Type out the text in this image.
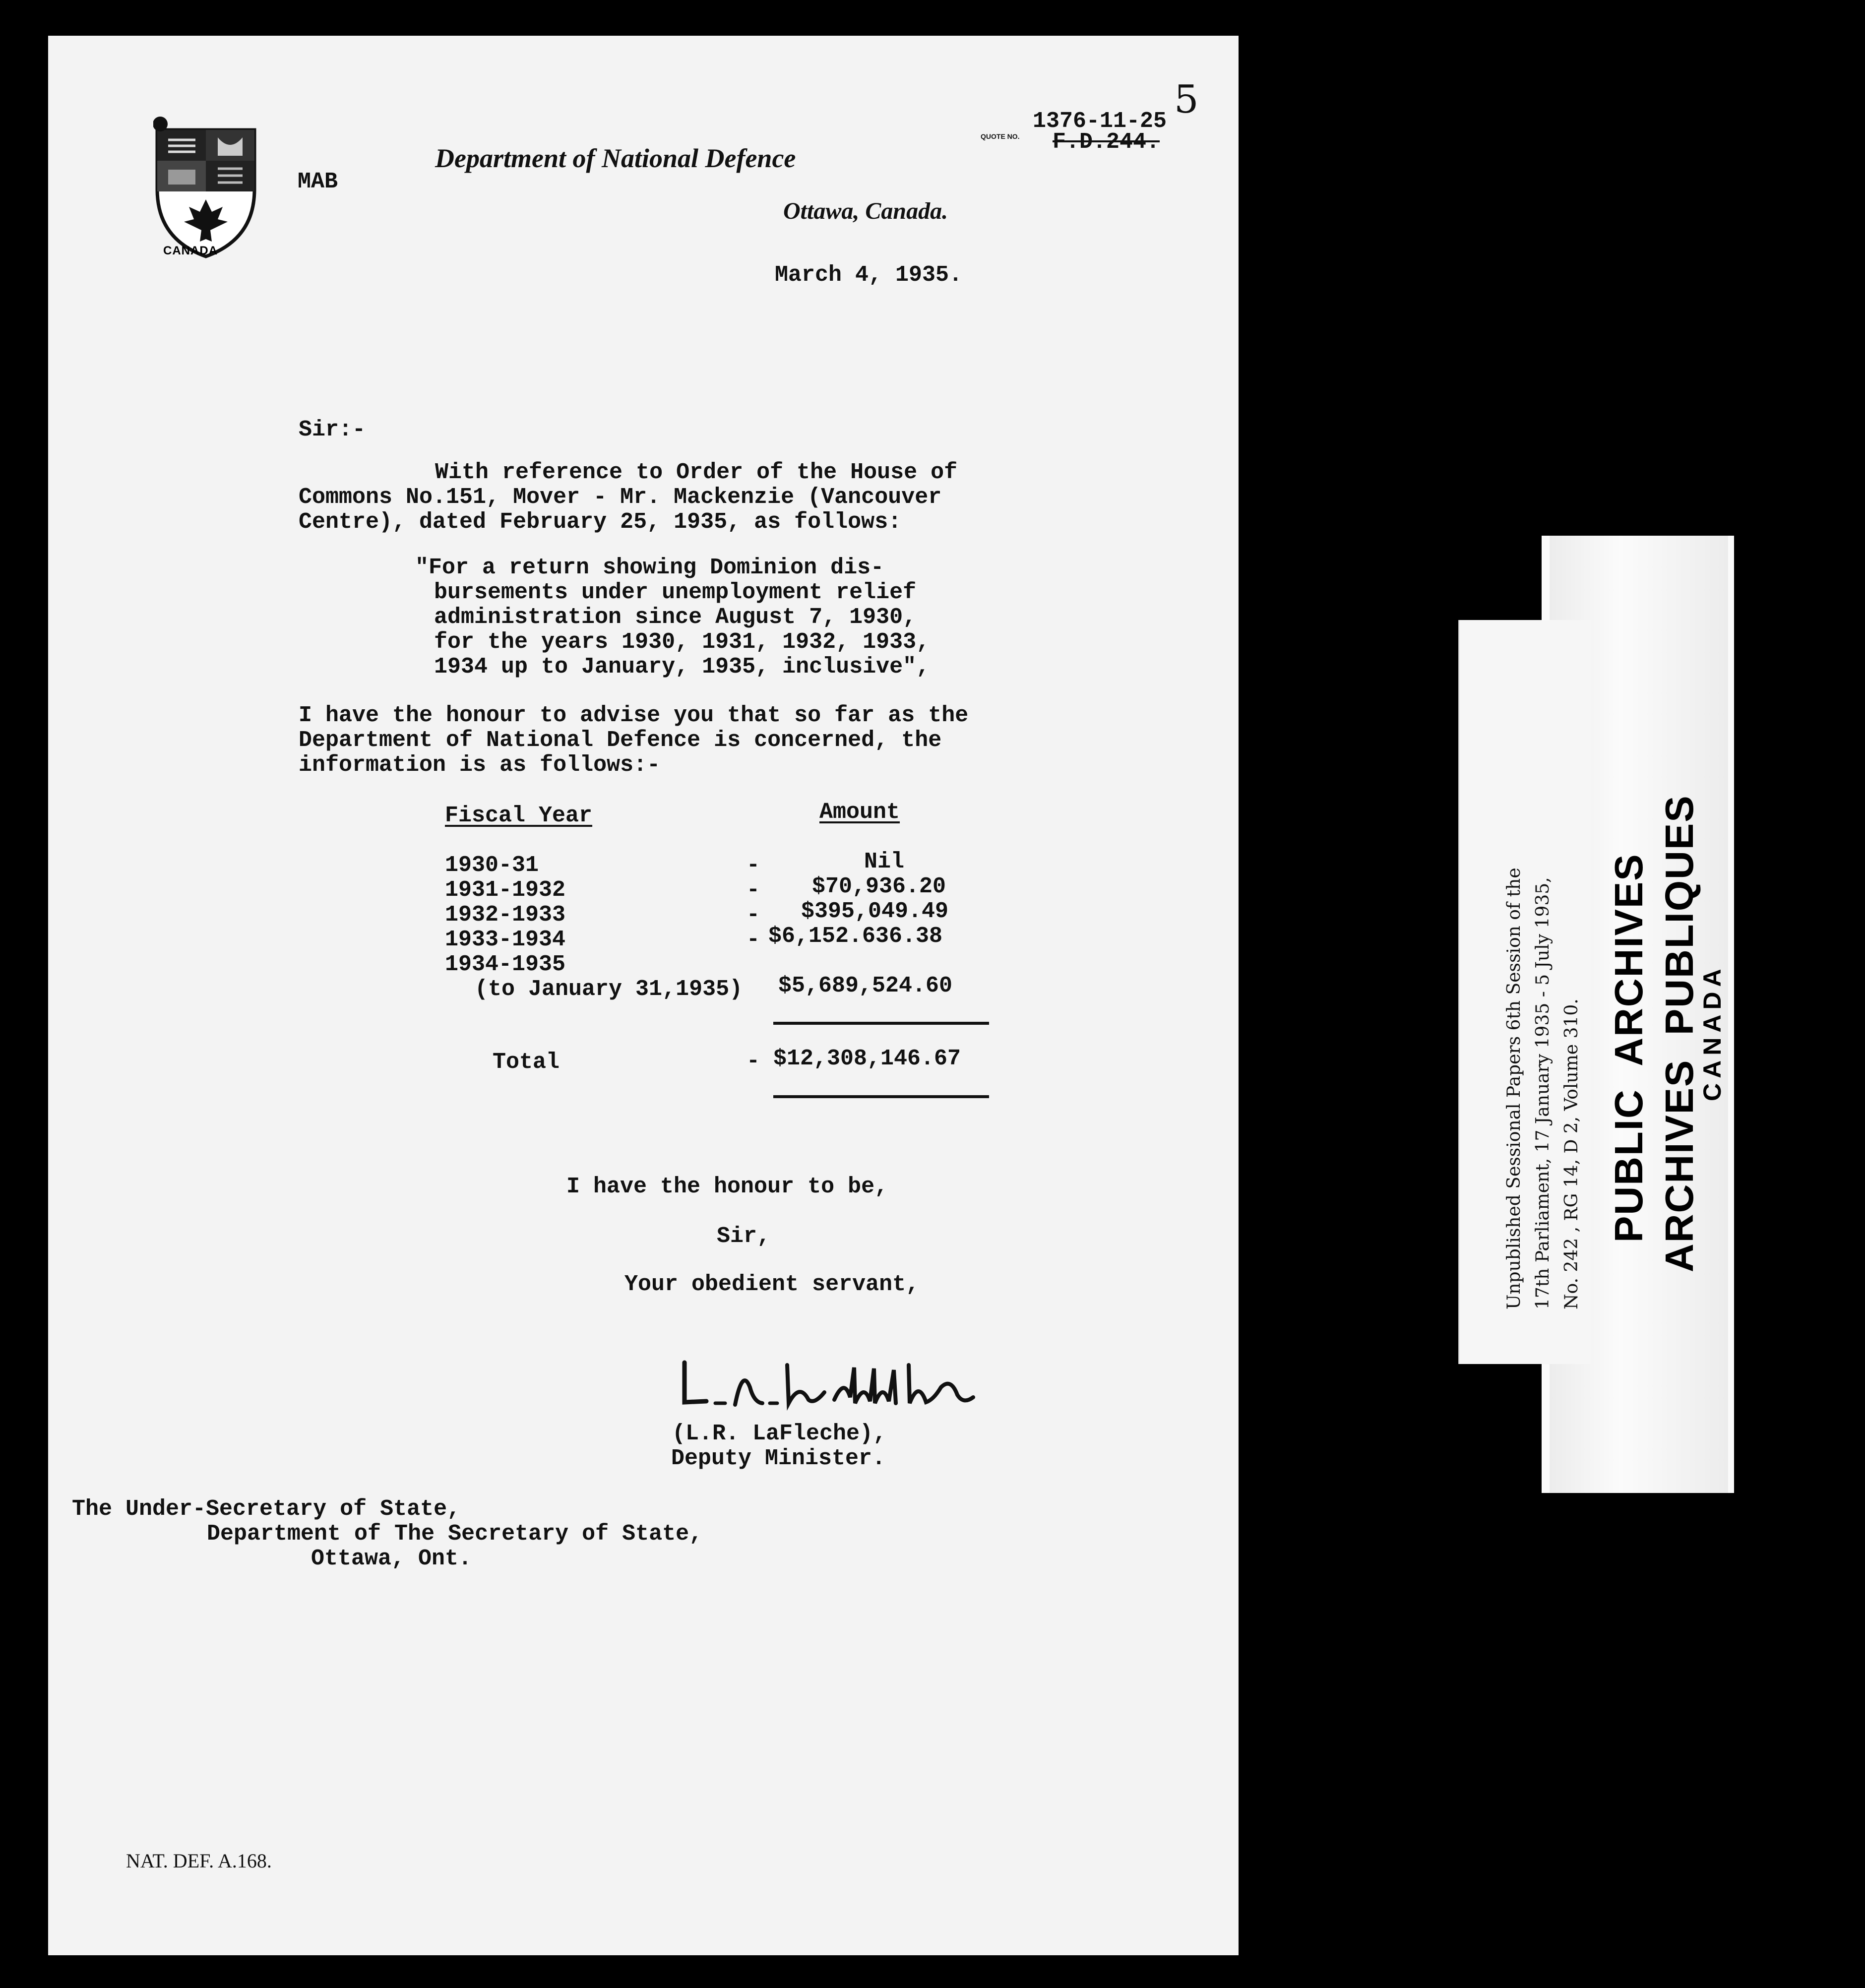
CANADA
Department of National Defence
MAB
Ottawa, Canada.
March 4, 1935.
1376-11-25
QUOTE NO. F.D.244.
5
Sir:-
With reference to Order of the House of
Commons No.151, Mover - Mr. Mackenzie (Vancouver
Centre), dated February 25, 1935, as follows:
"For a return showing Dominion dis-
bursements under unemployment relief
administration since August 7, 1930,
for the years 1930, 1931, 1932, 1933,
1934 up to January, 1935, inclusive",
I have the honour to advise you that so far as the
Department of National Defence is concerned, the
information is as follows:-
Fiscal Year	Amount
1930-31	-	Nil
1931-1932	- $70,936.20
1932-1933	- $395,049.49
1933-1934	- $6,152.636.38
1934-1935
(to January 31,1935) $5,689,524.60
Total	- $12,308,146.67
I have the honour to be,
Sir,
Your obedient servant,
(L.R. LaFleche),
Deputy Minister.
The Under-Secretary of State,
Department of The Secretary of State,
Ottawa, Ont.
NAT. DEF. A.168.
PUBLIC  ARCHIVES ARCHIVES  PUBLIQUES
CANADA
Unpublished Sessional Papers 6th Session of the 17th Parliament, 17 January 1935 - 5 July 1935, No. 242 , RG 14, D 2, Volume 310.
